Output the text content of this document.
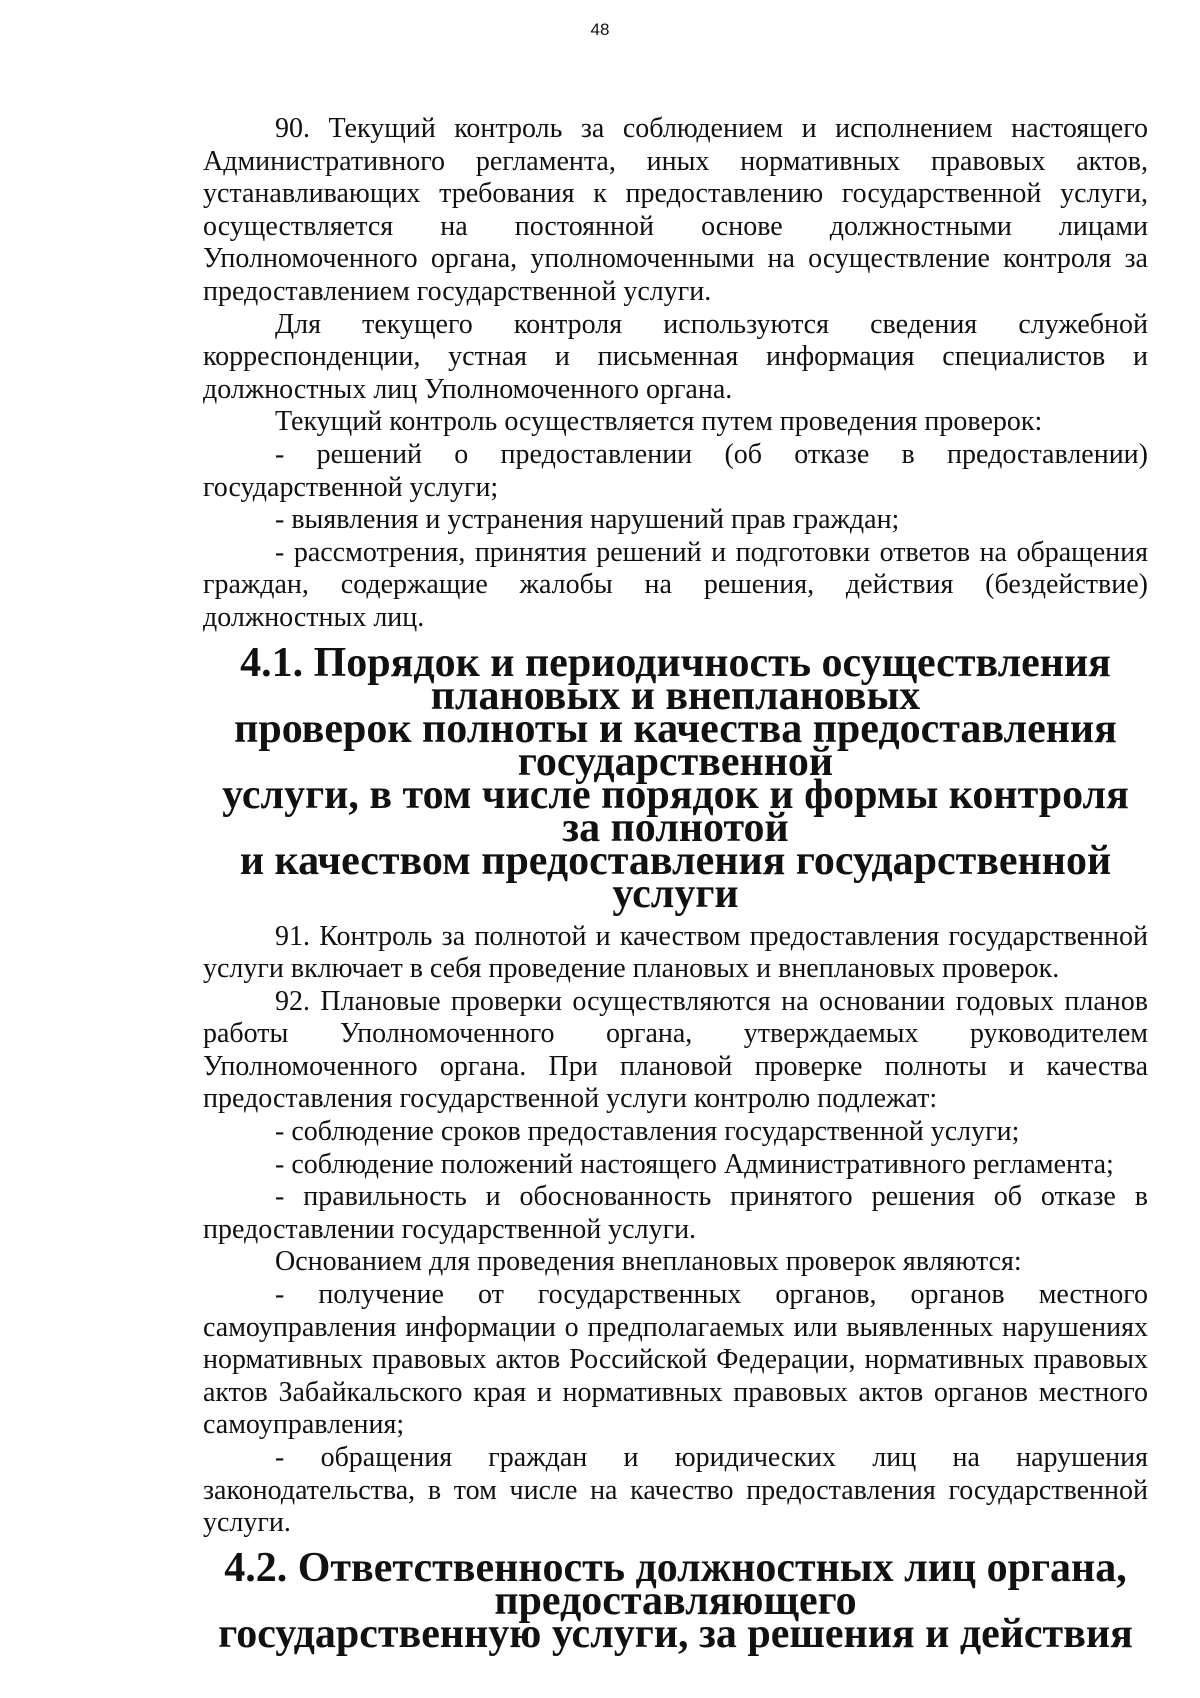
48

90. Текущий контроль за соблюдением и исполнением настоящего Административного регламента, иных нормативных правовых актов, устанавливающих требования к предоставлению государственной услуги, осуществляется на постоянной основе должностными лицами Уполномоченного органа, уполномоченными на осуществление контроля за предоставлением государственной услуги.

Для текущего контроля используются сведения служебной корреспонденции, устная и письменная информация специалистов и должностных лиц Уполномоченного органа.

Текущий контроль осуществляется путем проведения проверок:

- решений о предоставлении (об отказе в предоставлении) государственной услуги;

- выявления и устранения нарушений прав граждан;

- рассмотрения, принятия решений и подготовки ответов на обращения граждан, содержащие жалобы на решения, действия (бездействие) должностных лиц.

4.1. Порядок и периодичность осуществления плановых и внеплановых
проверок полноты и качества предоставления государственной
услуги, в том числе порядок и формы контроля за полнотой
и качеством предоставления государственной услуги

91. Контроль за полнотой и качеством предоставления государственной услуги включает в себя проведение плановых и внеплановых проверок.

92. Плановые проверки осуществляются на основании годовых планов работы Уполномоченного органа, утверждаемых руководителем Уполномоченного органа. При плановой проверке полноты и качества предоставления государственной услуги контролю подлежат:

- соблюдение сроков предоставления государственной услуги;

- соблюдение положений настоящего Административного регламента;

- правильность и обоснованность принятого решения об отказе в предоставлении государственной услуги.

Основанием для проведения внеплановых проверок являются:

- получение от государственных органов, органов местного самоуправления информации о предполагаемых или выявленных нарушениях нормативных правовых актов Российской Федерации, нормативных правовых актов Забайкальского края и нормативных правовых актов органов местного самоуправления;

- обращения граждан и юридических лиц на нарушения законодательства, в том числе на качество предоставления государственной услуги.

4.2. Ответственность должностных лиц органа, предоставляющего
государственную услуги, за решения и действия
